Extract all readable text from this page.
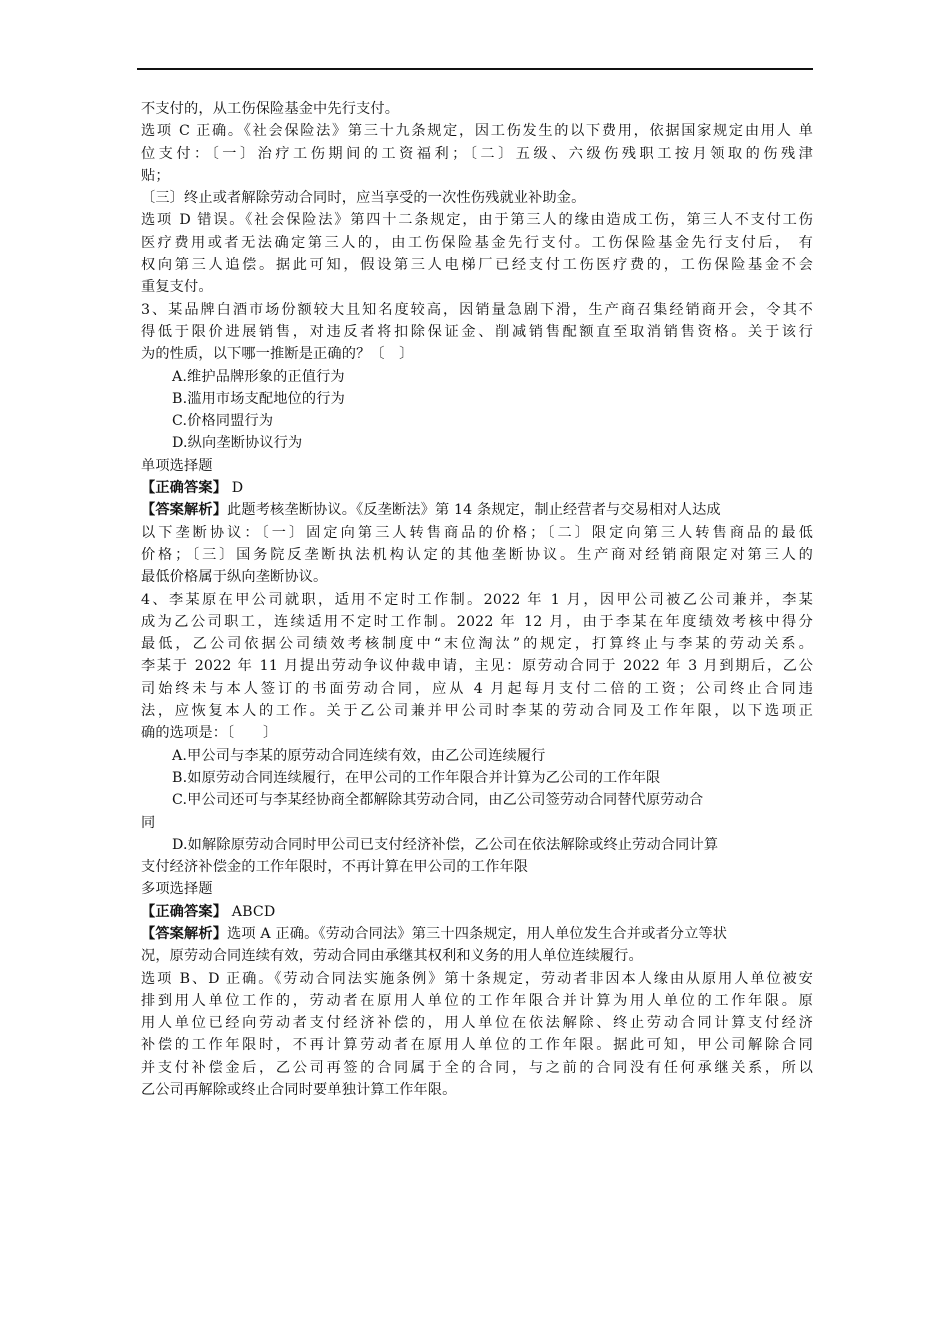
不支付的，从工伤保险基金中先行支付。
选项 C 正确。《社会保险法》第三十九条规定，因工伤发生的以下费用，依据国家规定由用人 单
位支付：〔一〕治疗工伤期间的工资福利；〔二〕五级、六级伤残职工按月领取的伤残津
贴；
〔三〕终止或者解除劳动合同时，应当享受的一次性伤残就业补助金。
选项 D 错误。《社会保险法》第四十二条规定，由于第三人的缘由造成工伤，第三人不支付工伤
医疗费用或者无法确定第三人的，由工伤保险基金先行支付。工伤保险基金先行支付后， 有
权向第三人追偿。据此可知，假设第三人电梯厂已经支付工伤医疗费的，工伤保险基金不会
重复支付。
3、某品牌白酒市场份额较大且知名度较高，因销量急剧下滑，生产商召集经销商开会，令其不
得低于限价进展销售，对违反者将扣除保证金、削减销售配额直至取消销售资格。关于该行
为的性质，以下哪一推断是正确的？〔　〕
A.维护品牌形象的正值行为
B.滥用市场支配地位的行为
C.价格同盟行为
D.纵向垄断协议行为
单项选择题
【正确答案】 D
【答案解析】此题考核垄断协议。《反垄断法》第 14 条规定，制止经营者与交易相对人达成
以下垄断协议：〔一〕固定向第三人转售商品的价格；〔二〕限定向第三人转售商品的最低
价格；〔三〕国务院反垄断执法机构认定的其他垄断协议。生产商对经销商限定对第三人的
最低价格属于纵向垄断协议。
4、李某原在甲公司就职，适用不定时工作制。2022 年 1 月，因甲公司被乙公司兼并，李某
成为乙公司职工，连续适用不定时工作制。2022 年 12 月，由于李某在年度绩效考核中得分
最低，乙公司依据公司绩效考核制度中“末位淘汰”的规定，打算终止与李某的劳动关系。
李某于 2022 年 11 月提出劳动争议仲裁申请，主见：原劳动合同于 2022 年 3 月到期后，乙公
司始终未与本人签订的书面劳动合同，应从 4 月起每月支付二倍的工资；公司终止合同违
法，应恢复本人的工作。关于乙公司兼并甲公司时李某的劳动合同及工作年限，以下选项正
确的选项是：〔　　〕
A.甲公司与李某的原劳动合同连续有效，由乙公司连续履行
B.如原劳动合同连续履行，在甲公司的工作年限合并计算为乙公司的工作年限
C.甲公司还可与李某经协商全都解除其劳动合同，由乙公司签劳动合同替代原劳动合
同
D.如解除原劳动合同时甲公司已支付经济补偿，乙公司在依法解除或终止劳动合同计算
支付经济补偿金的工作年限时，不再计算在甲公司的工作年限
多项选择题
【正确答案】 ABCD
【答案解析】选项 A 正确。《劳动合同法》第三十四条规定，用人单位发生合并或者分立等状
况，原劳动合同连续有效，劳动合同由承继其权利和义务的用人单位连续履行。
选项 B、D 正确。《劳动合同法实施条例》第十条规定，劳动者非因本人缘由从原用人单位被安
排到用人单位工作的，劳动者在原用人单位的工作年限合并计算为用人单位的工作年限。原
用人单位已经向劳动者支付经济补偿的，用人单位在依法解除、终止劳动合同计算支付经济
补偿的工作年限时，不再计算劳动者在原用人单位的工作年限。据此可知，甲公司解除合同
并支付补偿金后，乙公司再签的合同属于全的合同，与之前的合同没有任何承继关系，所以
乙公司再解除或终止合同时要单独计算工作年限。
